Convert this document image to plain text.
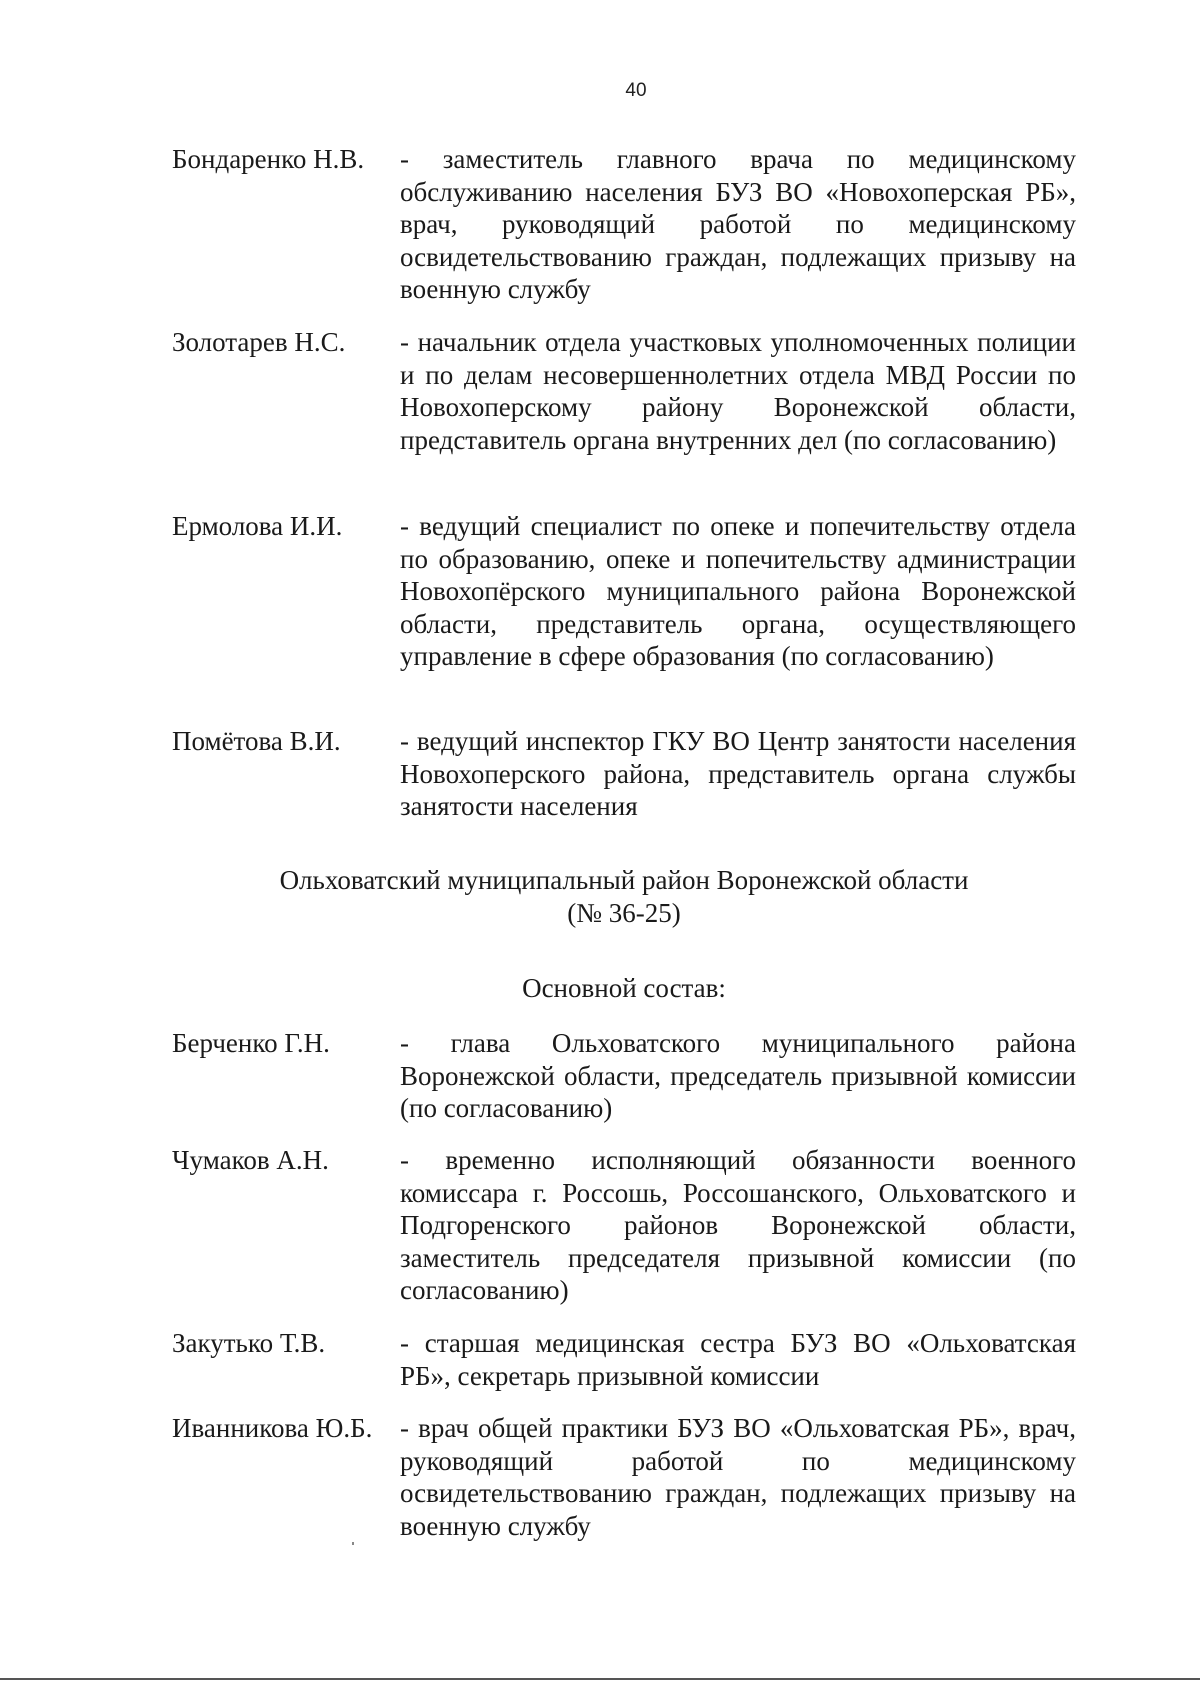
40
Бондаренко Н.В.	- заместитель главного врача по медицинскому обслуживанию населения БУЗ ВО «Новохоперская РБ», врач, руководящий работой по медицинскому освидетельствованию граждан, подлежащих призыву на военную службу
Золотарев Н.С.	- начальник отдела участковых уполномоченных полиции и по делам несовершеннолетних отдела МВД России по Новохоперскому району Воронежской области, представитель органа внутренних дел (по согласованию)
Ермолова И.И.	- ведущий специалист по опеке и попечительству отдела по образованию, опеке и попечительству администрации Новохопёрского муниципального района Воронежской области, представитель органа, осуществляющего управление в сфере образования (по согласованию)
Помётова В.И.	- ведущий инспектор ГКУ ВО Центр занятости населения Новохоперского района, представитель органа службы занятости населения
Ольховатский муниципальный район Воронежской области
(№ 36-25)
Основной состав:
Берченко Г.Н.	- глава Ольховатского муниципального района Воронежской области, председатель призывной комиссии (по согласованию)
Чумаков А.Н.	- временно исполняющий обязанности военного комиссара г. Россошь, Россошанского, Ольховатского и Подгоренского районов Воронежской области, заместитель председателя призывной комиссии (по согласованию)
Закутько Т.В.	- старшая медицинская сестра БУЗ ВО «Ольховатская РБ», секретарь призывной комиссии
Иванникова Ю.Б.	- врач общей практики БУЗ ВО «Ольховатская РБ», врач, руководящий работой по медицинскому освидетельствованию граждан, подлежащих призыву на военную службу
